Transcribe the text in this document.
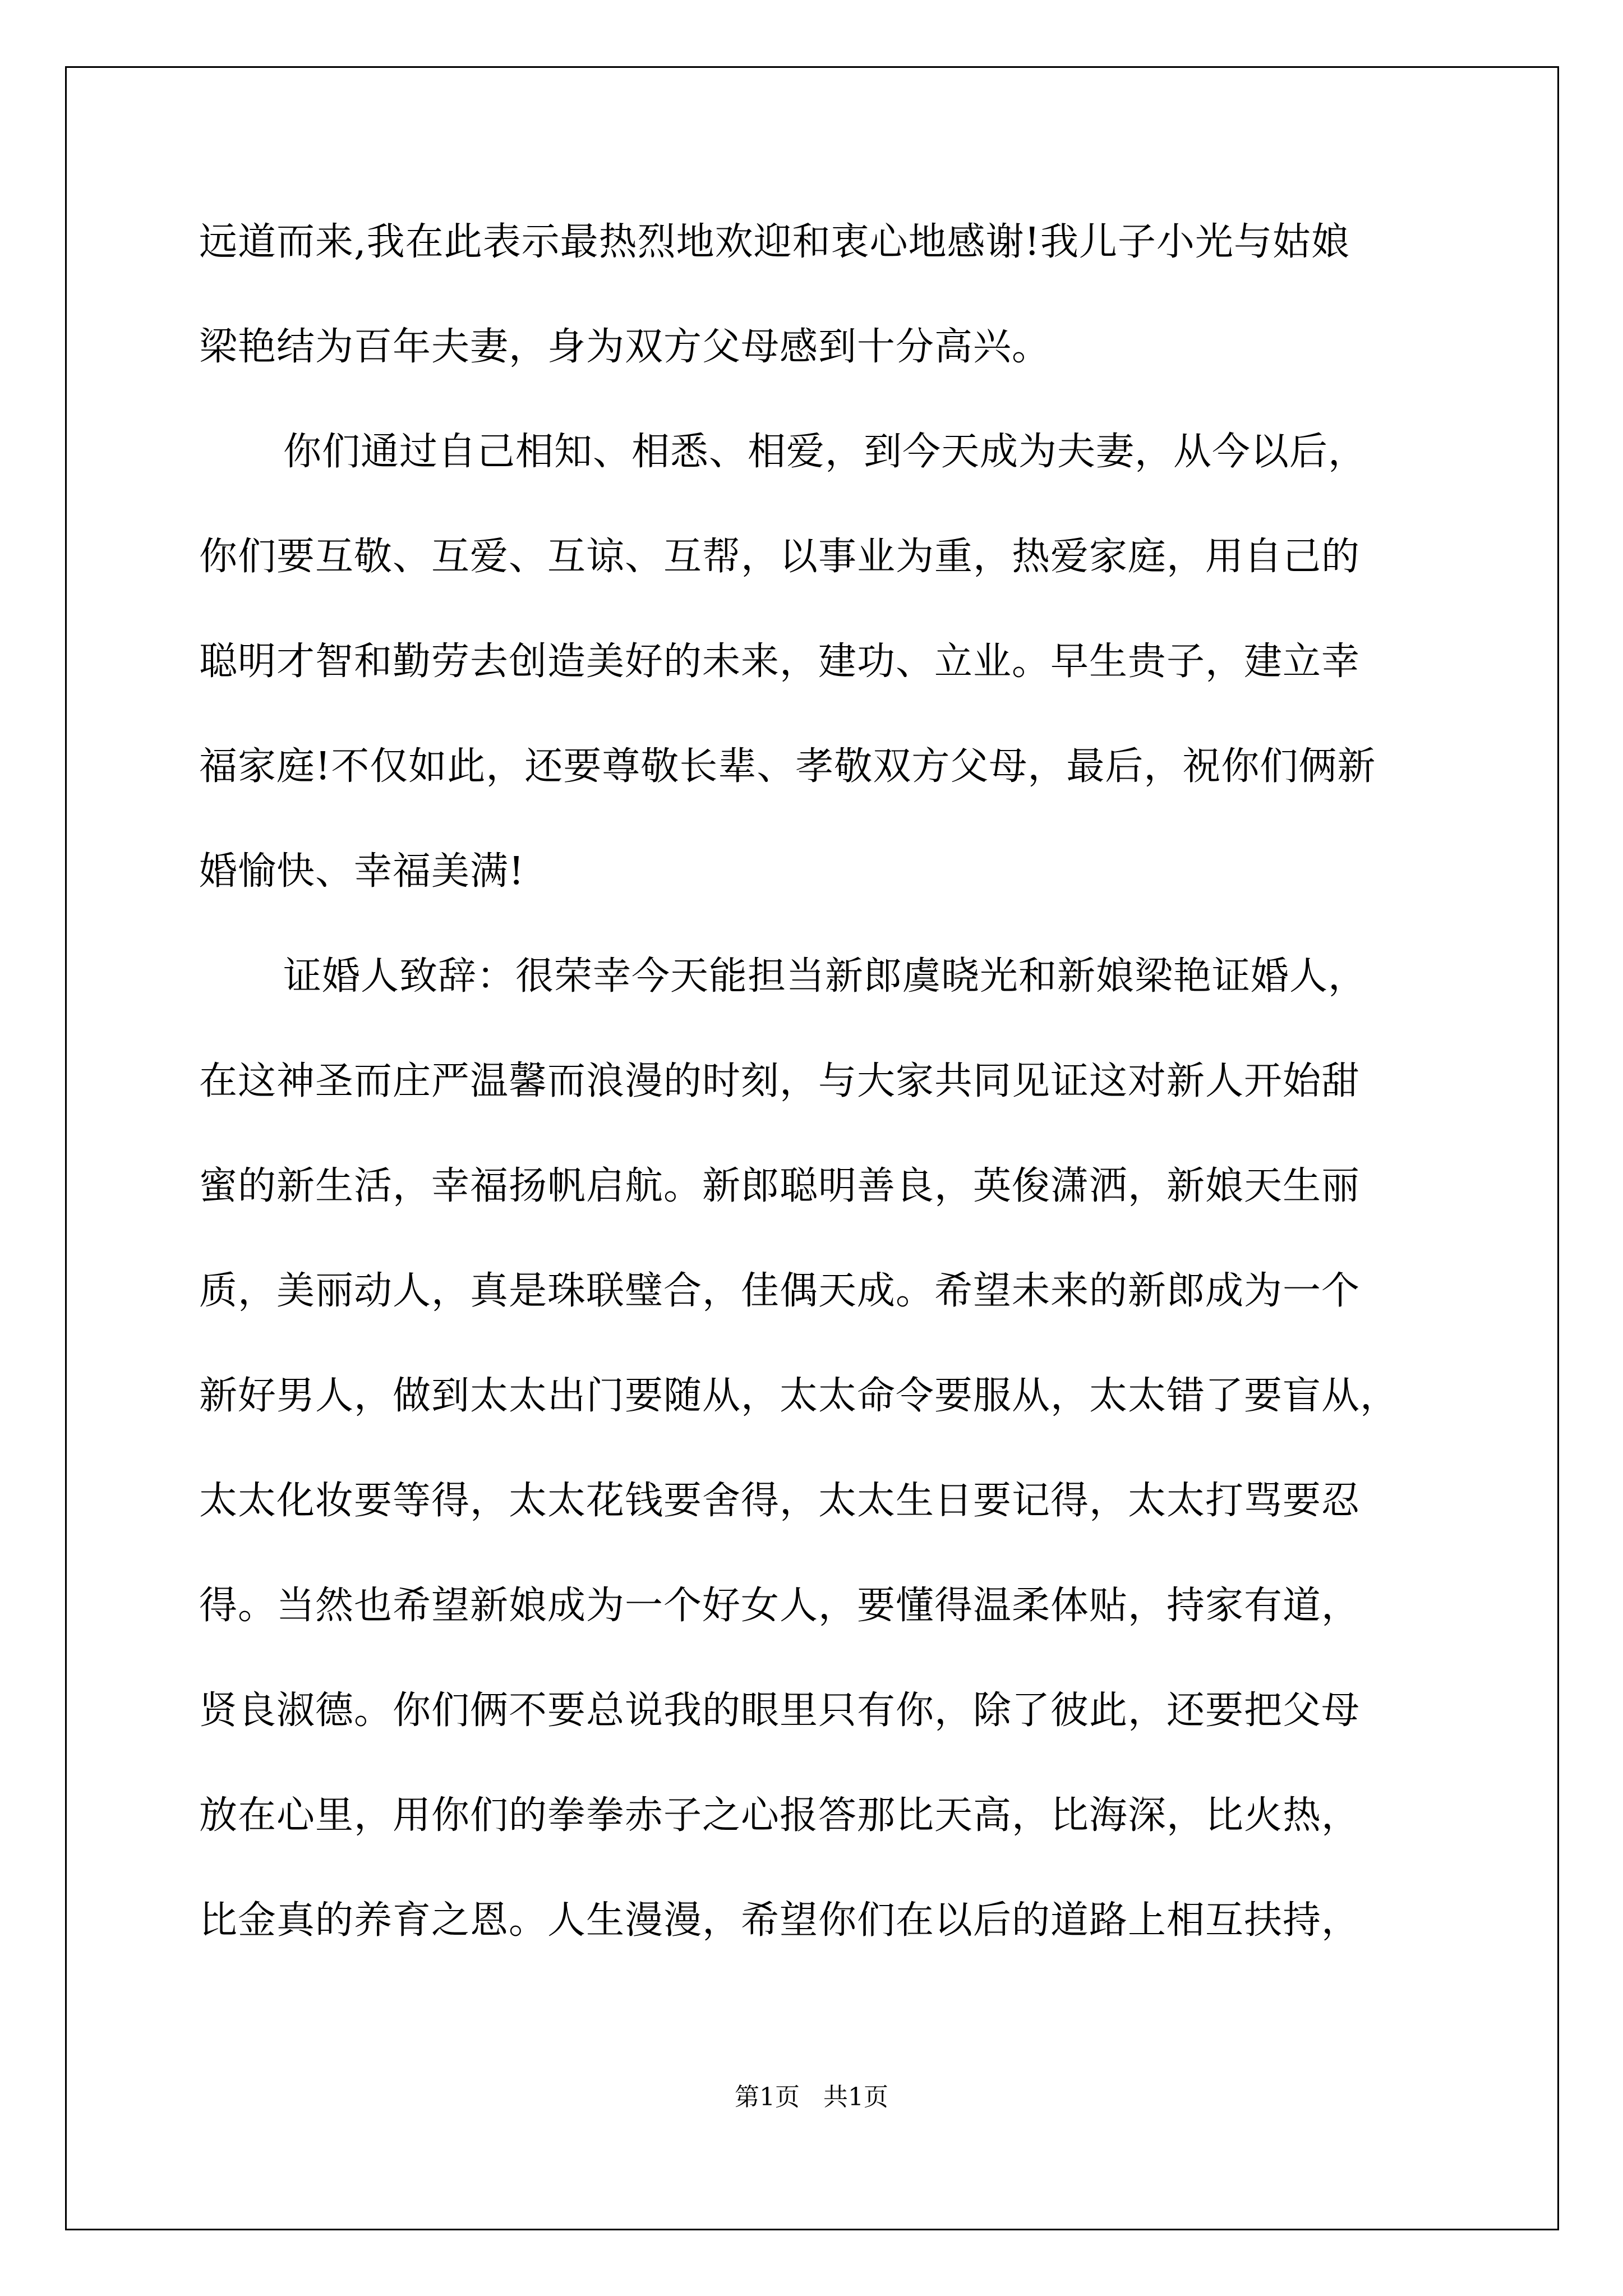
远道而来,我在此表示最热烈地欢迎和衷心地感谢!我儿子小光与姑娘
梁艳结为百年夫妻，身为双方父母感到十分高兴。
你们通过自己相知、相悉、相爱，到今天成为夫妻，从今以后，
你们要互敬、互爱、互谅、互帮，以事业为重，热爱家庭，用自己的
聪明才智和勤劳去创造美好的未来，建功、立业。早生贵子，建立幸
福家庭!不仅如此，还要尊敬长辈、孝敬双方父母，最后，祝你们俩新
婚愉快、幸福美满!
证婚人致辞：很荣幸今天能担当新郎虞晓光和新娘梁艳证婚人，
在这神圣而庄严温馨而浪漫的时刻，与大家共同见证这对新人开始甜
蜜的新生活，幸福扬帆启航。新郎聪明善良，英俊潇洒，新娘天生丽
质，美丽动人，真是珠联璧合，佳偶天成。希望未来的新郎成为一个
新好男人，做到太太出门要随从，太太命令要服从，太太错了要盲从，
太太化妆要等得，太太花钱要舍得，太太生日要记得，太太打骂要忍
得。当然也希望新娘成为一个好女人，要懂得温柔体贴，持家有道，
贤良淑德。你们俩不要总说我的眼里只有你，除了彼此，还要把父母
放在心里，用你们的拳拳赤子之心报答那比天高，比海深，比火热，
比金真的养育之恩。人生漫漫，希望你们在以后的道路上相互扶持，
第1页   共1页
